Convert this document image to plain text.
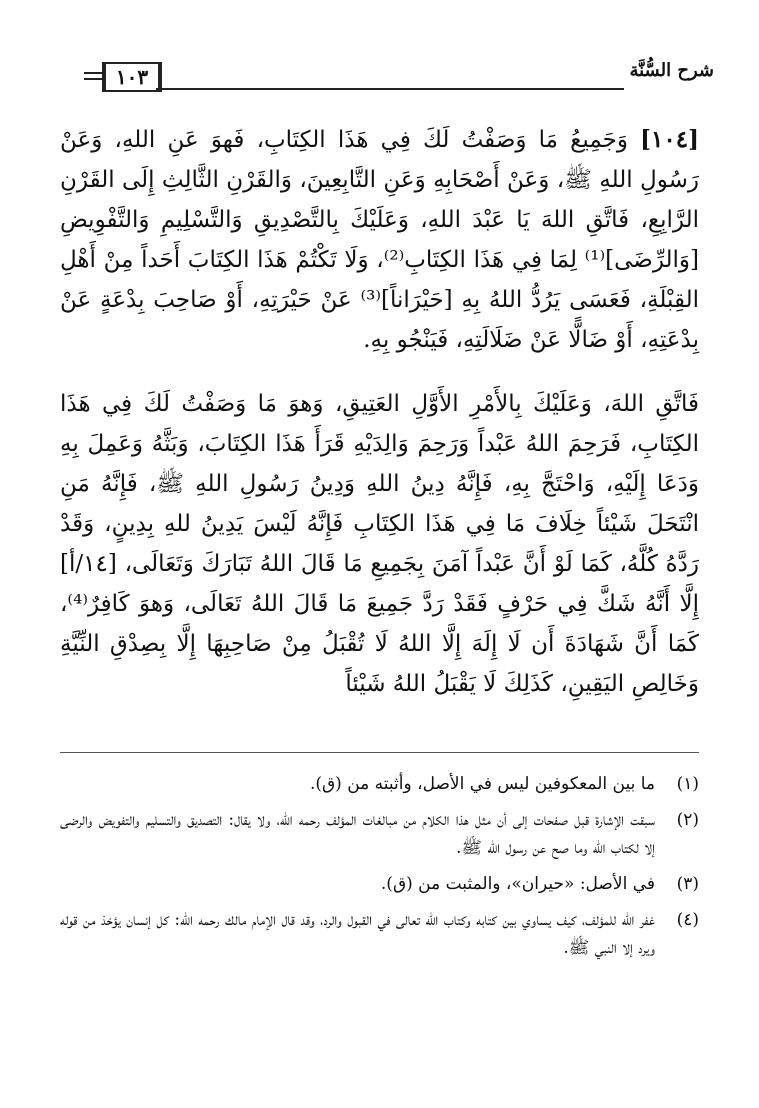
شرح السُّنَّة
١٠٣

[١٠٤] وَجَمِيعُ مَا وَصَفْتُ لَكَ فِي هَذَا الكِتَابِ، فَهوَ عَنِ اللهِ، وَعَنْ رَسُولِ اللهِ ﷺ، وَعَنْ أَصْحَابِهِ وَعَنِ التَّابِعِينَ، وَالقَرْنِ الثَّالِثِ إِلَى القَرْنِ الرَّابِعِ، فَاتَّقِ اللهَ يَا عَبْدَ اللهِ، وَعَلَيْكَ بِالتَّصْدِيقِ وَالتَّسْلِيمِ وَالتَّفْوِيضِ [وَالرِّضَى]⁽¹⁾ لِمَا فِي هَذَا الكِتَابِ⁽²⁾، وَلَا تَكْتُمْ هَذَا الكِتَابَ أَحَداً مِنْ أَهْلِ القِبْلَةِ، فَعَسَى يَرُدُّ اللهُ بِهِ [حَيْرَاناً]⁽³⁾ عَنْ حَيْرَتِهِ، أَوْ صَاحِبَ بِدْعَةٍ عَنْ بِدْعَتِهِ، أَوْ ضَالًّا عَنْ ضَلَالَتِهِ، فَيَنْجُو بِهِ.

فَاتَّقِ اللهَ، وَعَلَيْكَ بِالأَمْرِ الأَوَّلِ العَتِيقِ، وَهوَ مَا وَصَفْتُ لَكَ فِي هَذَا الكِتَابِ، فَرَحِمَ اللهُ عَبْداً وَرَحِمَ وَالِدَيْهِ قَرَأَ هَذَا الكِتَابَ، وَبَثَّهُ وَعَمِلَ بِهِ وَدَعَا إِلَيْهِ، وَاحْتَجَّ بِهِ، فَإِنَّهُ دِينُ اللهِ وَدِينُ رَسُولِ اللهِ ﷺ، فَإِنَّهُ مَنِ انْتَحَلَ شَيْئاً خِلَافَ مَا فِي هَذَا الكِتَابِ فَإِنَّهُ لَيْسَ يَدِينُ للهِ بِدِينٍ، وَقَدْ رَدَّهُ كُلَّهُ، كَمَا لَوْ أَنَّ عَبْداً آمَنَ بِجَمِيعِ مَا قَالَ اللهُ تَبَارَكَ وَتَعَالَى، [١٤/أ] إِلَّا أَنَّهُ شَكَّ فِي حَرْفٍ فَقَدْ رَدَّ جَمِيعَ مَا قَالَ اللهُ تَعَالَى، وَهوَ كَافِرٌ⁽⁴⁾، كَمَا أَنَّ شَهَادَةَ أَن لَا إِلَهَ إِلَّا اللهُ لَا تُقْبَلُ مِنْ صَاحِبِهَا إِلَّا بِصِدْقِ النِّيَّةِ وَخَالِصِ اليَقِينِ، كَذَلِكَ لَا يَقْبَلُ اللهُ شَيْئاً

(١)
ما بين المعكوفين ليس في الأصل، وأثبته من (ق).
(٢)
سبقت الإشارة قبل صفحات إلى أن مثل هذا الكلام من مبالغات المؤلف رحمه الله، ولا يقال: التصديق والتسليم والتفويض والرضى إلا لكتاب الله وما صح عن رسول الله ﷺ.
(٣)
في الأصل: «حيران»، والمثبت من (ق).
(٤)
غفر الله للمؤلف، كيف يساوي بين كتابه وكتاب الله تعالى في القبول والرد، وقد قال الإمام مالك رحمه الله: كل إنسان يؤخذ من قوله ويرد إلا النبي ﷺ.
